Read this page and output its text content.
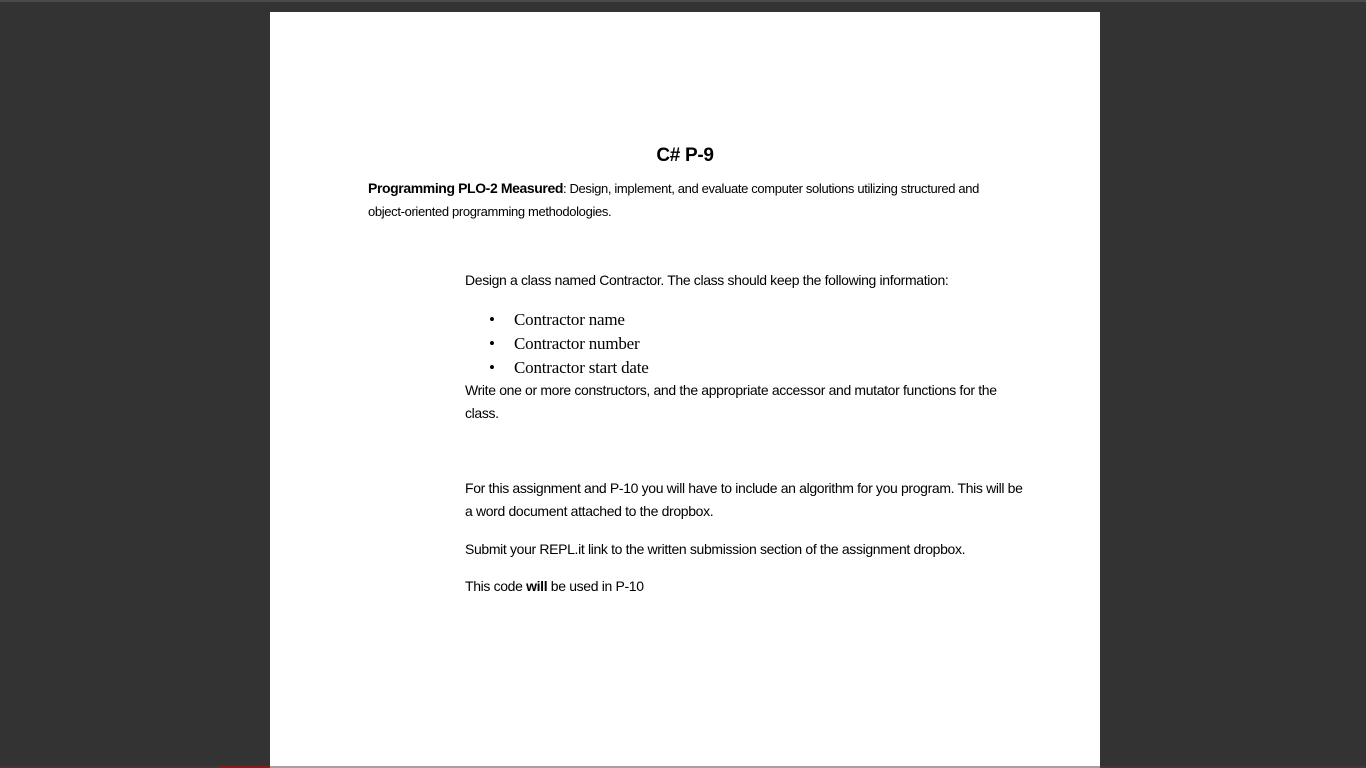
C# P-9
Programming PLO-2 Measured: Design, implement, and evaluate computer solutions utilizing structured and object-oriented programming methodologies.
Design a class named Contractor. The class should keep the following information:
• Contractor name
• Contractor number
• Contractor start date
Write one or more constructors, and the appropriate accessor and mutator functions for the class.
For this assignment and P-10 you will have to include an algorithm for you program. This will be a word document attached to the dropbox.
Submit your REPL.it link to the written submission section of the assignment dropbox.
This code will be used in P-10
